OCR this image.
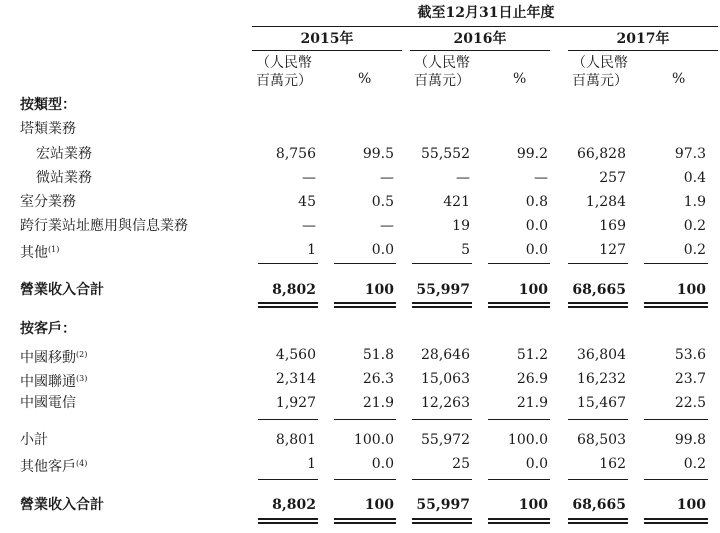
截至12月31日止年度
2015年	2016年	2017年
（人民幣
百萬元）	%
（人民幣
百萬元）	%
（人民幣
百萬元）	%
按類型：
塔類業務
宏站業務	8,756	99.5	55,552	99.2	66,828	97.3
微站業務	—	—	—	—	257	0.4
室分業務	45	0.5	421	0.8	1,284	1.9
跨行業站址應用與信息業務	—	—	19	0.0	169	0.2
其他$^{(1)}$	1	0.0	5	0.0	127	0.2
營業收入合計	8,802	100	55,997	100	68,665	100
按客戶：
中國移動$^{(2)}$	4,560	51.8	28,646	51.2	36,804	53.6
中國聯通$^{(3)}$	2,314	26.3	15,063	26.9	16,232	23.7
中國電信	1,927	21.9	12,263	21.9	15,467	22.5
小計	8,801	100.0	55,972	100.0	68,503	99.8
其他客戶$^{(4)}$	1	0.0	25	0.0	162	0.2
營業收入合計	8,802	100	55,997	100	68,665	100
